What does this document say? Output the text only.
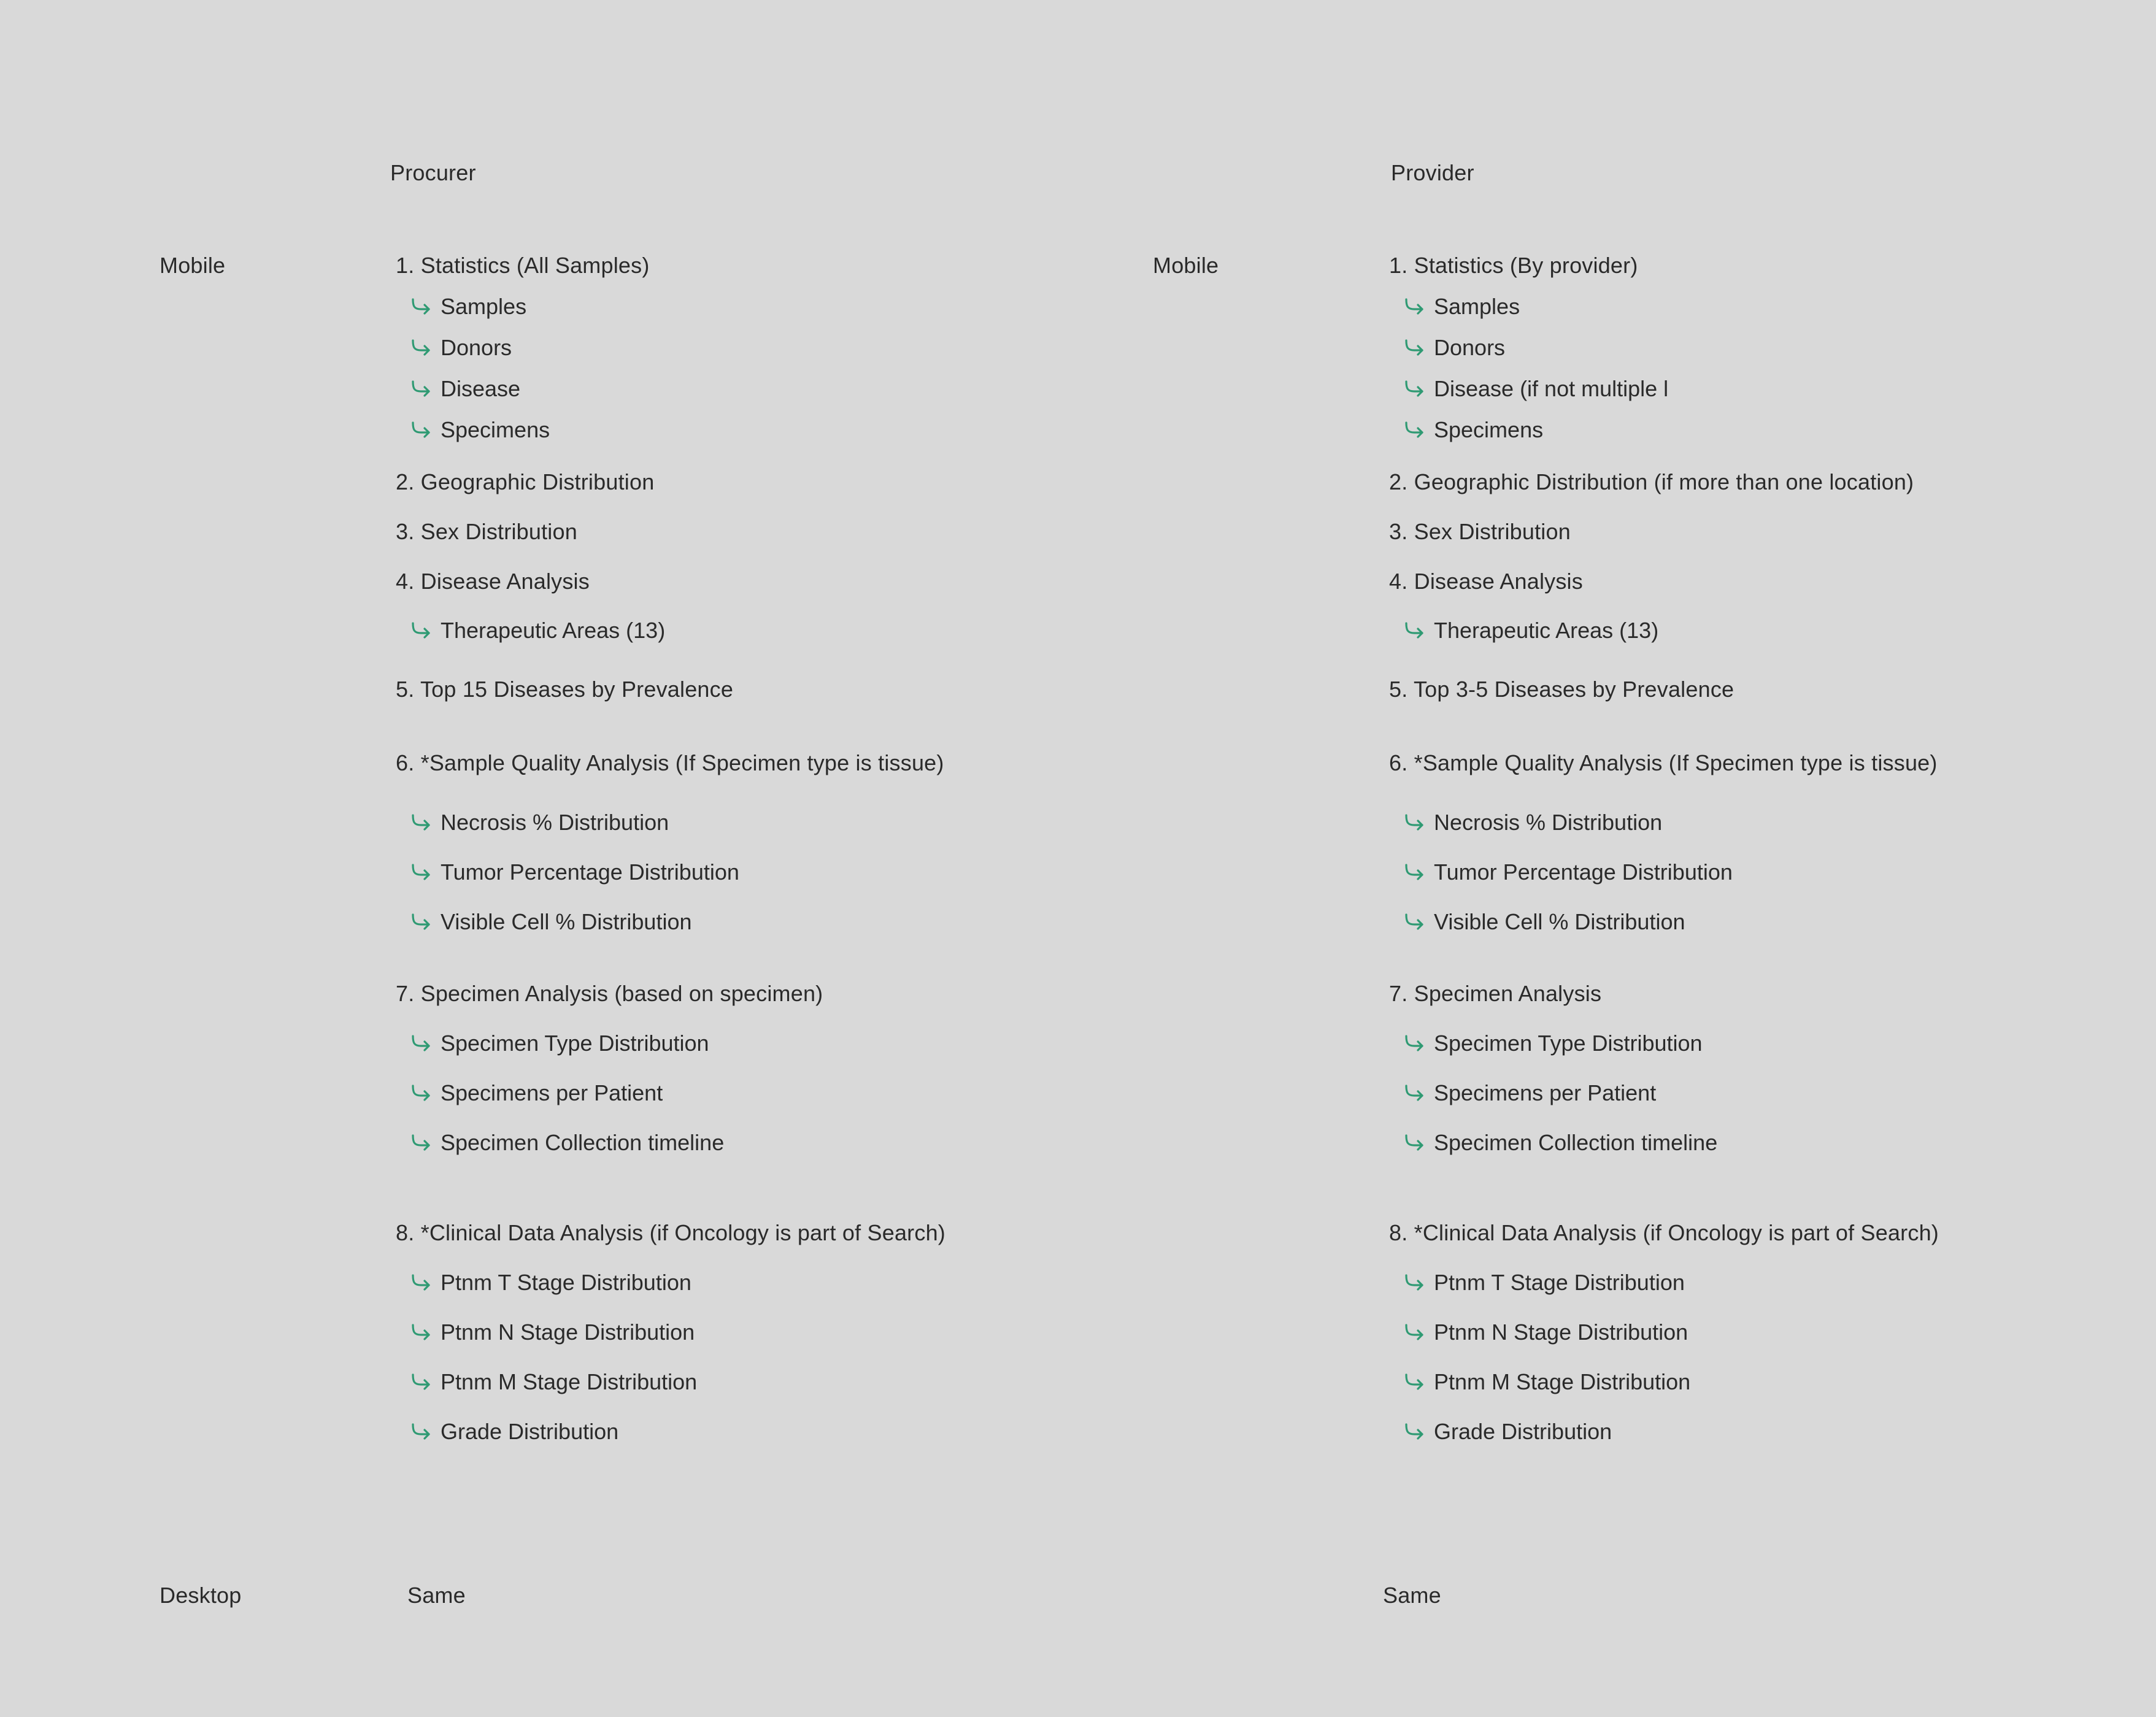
Procurer
Mobile	1. Statistics (All Samples)
Samples
Donors
Disease
Specimens
2. Geographic Distribution
3. Sex Distribution
4. Disease Analysis
Therapeutic Areas (13)
5. Top 15 Diseases by Prevalence
6. *Sample Quality Analysis (If Specimen type is tissue)
Necrosis % Distribution
Tumor Percentage Distribution
Visible Cell % Distribution
7. Specimen Analysis (based on specimen)
Specimen Type Distribution
Specimens per Patient
Specimen Collection timeline
8. *Clinical Data Analysis (if Oncology is part of Search)
Ptnm T Stage Distribution
Ptnm N Stage Distribution
Ptnm M Stage Distribution
Grade Distribution
Desktop	Same
Provider
Mobile	1. Statistics (By provider)
Samples
Donors
Disease (if not multiple l
Specimens
2. Geographic Distribution (if more than one location)
3. Sex Distribution
4. Disease Analysis
Therapeutic Areas (13)
5. Top 3-5 Diseases by Prevalence
6. *Sample Quality Analysis (If Specimen type is tissue)
Necrosis % Distribution
Tumor Percentage Distribution
Visible Cell % Distribution
7. Specimen Analysis
Specimen Type Distribution
Specimens per Patient
Specimen Collection timeline
8. *Clinical Data Analysis (if Oncology is part of Search)
Ptnm T Stage Distribution
Ptnm N Stage Distribution
Ptnm M Stage Distribution
Grade Distribution
Same
